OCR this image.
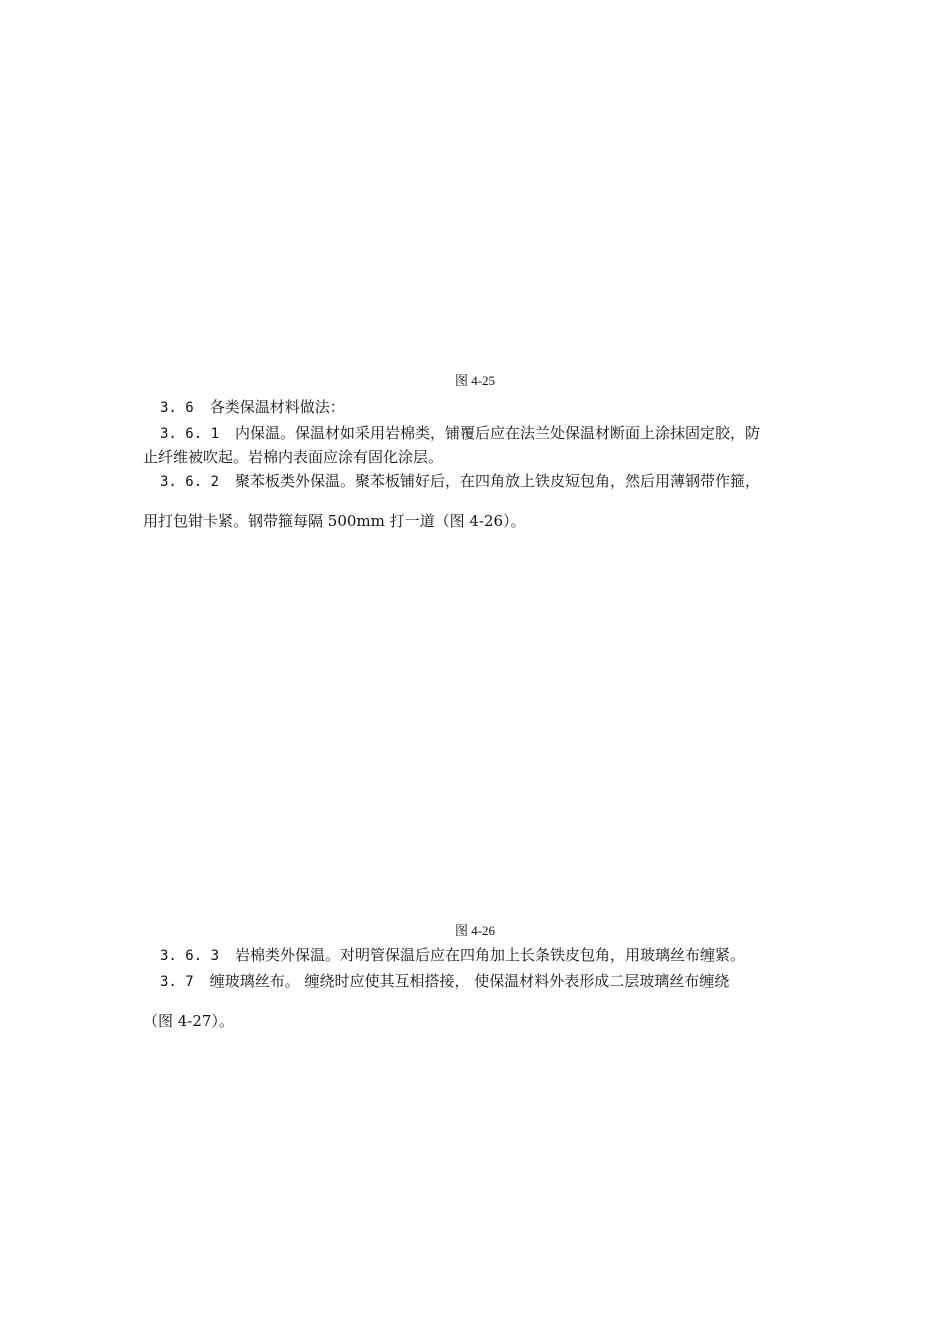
图 4-25
3. 6 各类保温材料做法：
3. 6. 1 内保温。保温材如采用岩棉类，铺覆后应在法兰处保温材断面上涂抹固定胶，防
止纤维被吹起。岩棉内表面应涂有固化涂层。
3. 6. 2 聚苯板类外保温。聚苯板铺好后，在四角放上铁皮短包角，然后用薄钢带作箍，
用打包钳卡紧。钢带箍每隔 500mm 打一道（图 4-26）。
图 4-26
3. 6. 3 岩棉类外保温。对明管保温后应在四角加上长条铁皮包角，用玻璃丝布缠紧。
3. 7 缠玻璃丝布。 缠绕时应使其互相搭接， 使保温材料外表形成二层玻璃丝布缠绕
（图 4-27）。
